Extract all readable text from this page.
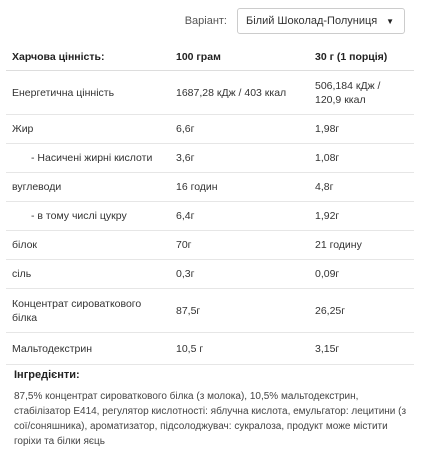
Варіант: Білий Шоколад-Полуниця ▼
Харчова цінність:	100 грам	30 г (1 порція)
Енергетична цінність	1687,28 кДж / 403 ккал	506,184 кДж / 120,9 ккал
Жир	6,6г	1,98г
- Насичені жирні кислоти	3,6г	1,08г
вуглеводи	16 годин	4,8г
- в тому числі цукру	6,4г	1,92г
білок	70г	21 годину
сіль	0,3г	0,09г
Концентрат сироваткового білка	87,5г	26,25г
Мальтодекстрин	10,5 г	3,15г
Інгредієнти:
87,5% концентрат сироваткового білка (з молока), 10,5% мальтодекстрин, стабілізатор E414, регулятор кислотності: яблучна кислота, емульгатор: лецитини (з сої/соняшника), ароматизатор, підсолоджувач: сукралоза, продукт може містити горіхи та білки яєць
